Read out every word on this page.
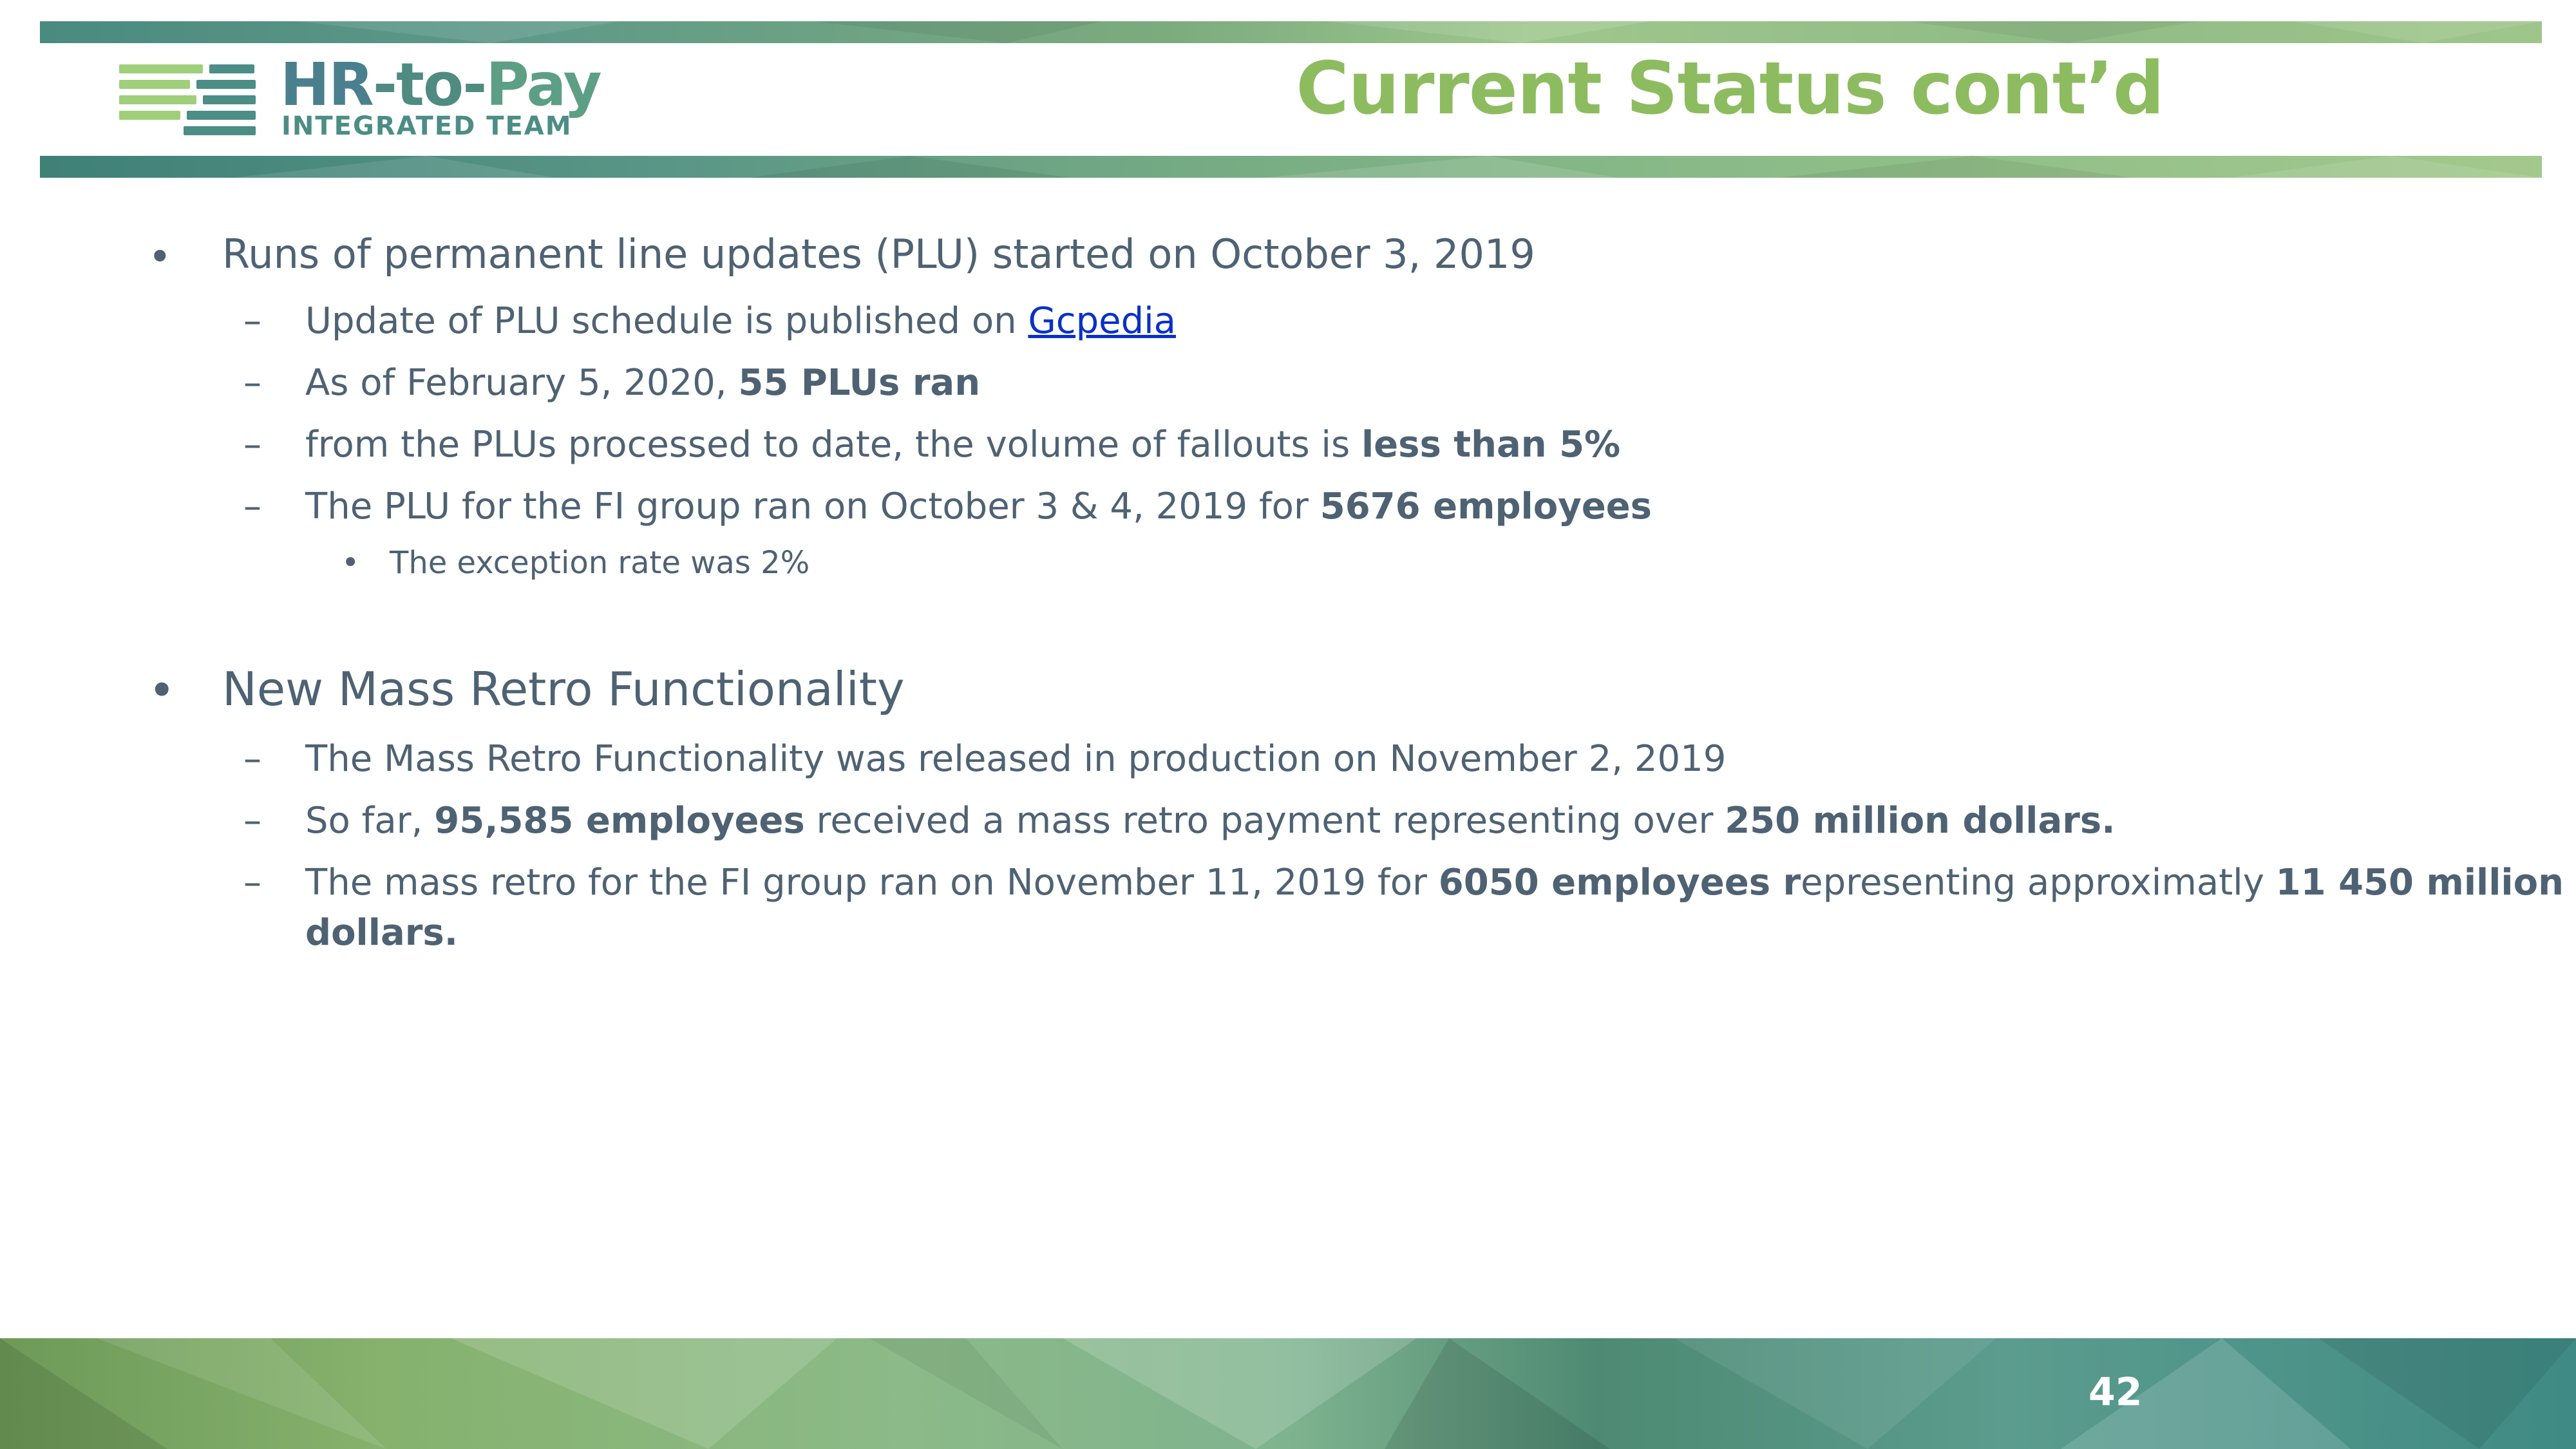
HR-to-Pay
INTEGRATED TEAM	Current Status cont’d
• Runs of permanent line updates (PLU) started on October 3, 2019
– Update of PLU schedule is published on Gcpedia
– As of February 5, 2020, 55 PLUs ran
– from the PLUs processed to date, the volume of fallouts is less than 5%
– The PLU for the FI group ran on October 3 & 4, 2019 for 5676 employees
• The exception rate was 2%
• New Mass Retro Functionality
– The Mass Retro Functionality was released in production on November 2, 2019
– So far, 95,585 employees received a mass retro payment representing over 250 million dollars.
– The mass retro for the FI group ran on November 11, 2019 for 6050 employees representing approximatly 11 450 million
dollars.
42
